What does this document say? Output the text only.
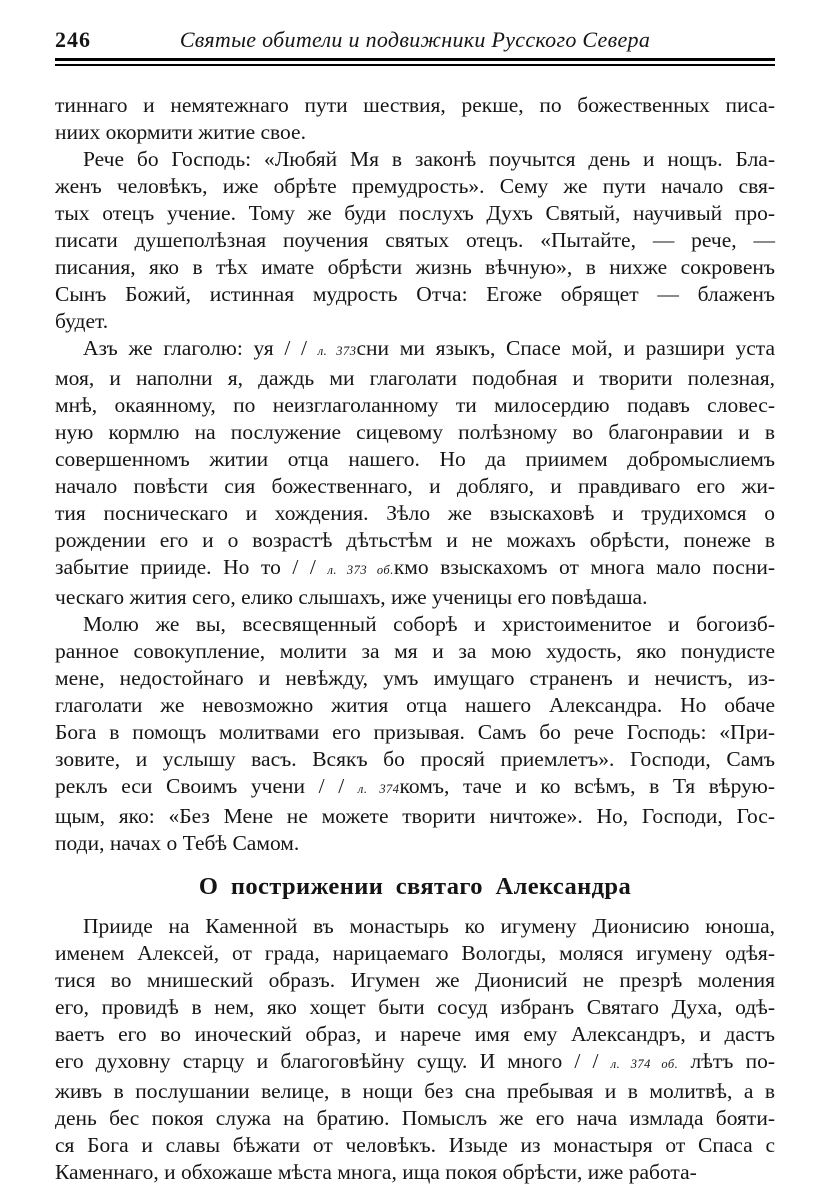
246	Святые обители и подвижники Русского Севера
тиннаго и немятежнаго пути шествия, рекше, по божественных писа-
ниих окормити житие свое.
Рече бо Господь: «Любяй Мя в законѣ поучытся день и нощъ. Бла-
женъ человѣкъ, иже обрѣте премудрость». Сему же пути начало свя-
тых отецъ учение. Тому же буди послухъ Духъ Святый, научивый про-
писати душеполѣзная поучения святых отецъ. «Пытайте, — рече, —
писания, яко в тѣх имате обрѣсти жизнь вѣчную», в нихже сокровенъ
Сынъ Божий, истинная мудрость Отча: Егоже обрящет — блаженъ
будет.
Азъ же глаголю: уя / / л. 373сни ми языкъ, Спасе мой, и разшири уста
моя, и наполни я, даждь ми глаголати подобная и творити полезная,
мнѣ, окаянному, по неизглаголанному ти милосердию подавъ словес-
ную кормлю на послужение сицевому полѣзному во благонравии и в
совершенномъ житии отца нашего. Но да приимем добромыслиемъ
начало повѣсти сия божественнаго, и добляго, и правдиваго его жи-
тия посническаго и хождения. Зѣло же взыскаховѣ и трудихомся о
рождении его и о возрастѣ дѣтьстѣм и не можахъ обрѣсти, понеже в
забытие прииде. Но то / / л. 373 об.кмо взыскахомъ от многа мало посни-
ческаго жития сего, елико слышахъ, иже ученицы его повѣдаша.
Молю же вы, всесвященный соборѣ и христоименитое и богоизб-
ранное совокупление, молити за мя и за мою худость, яко понудисте
мене, недостойнаго и невѣжду, умъ имущаго страненъ и нечистъ, из-
глаголати же невозможно жития отца нашего Александра. Но обаче
Бога в помощъ молитвами его призывая. Самъ бо рече Господь: «При-
зовите, и услышу васъ. Всякъ бо просяй приемлетъ». Господи, Самъ
реклъ еси Своимъ учени / / л. 374комъ, таче и ко всѣмъ, в Тя вѣрую-
щым, яко: «Без Мене не можете творити ничтоже». Но, Господи, Гос-
поди, начах о Тебѣ Самом.
О пострижении святаго Александра
Прииде на Каменной въ монастырь ко игумену Дионисию юноша,
именем Алексей, от града, нарицаемаго Вологды, моляся игумену одѣя-
тися во мнишеский образъ. Игумен же Дионисий не презрѣ моления
его, провидѣ в нем, яко хощет быти сосуд избранъ Святаго Духа, одѣ-
ваетъ его во иноческий образ, и нарече имя ему Александръ, и дастъ
его духовну старцу и благоговѣйну сущу. И много / / л. 374 об. лѣтъ по-
живъ в послушании велице, в нощи без сна пребывая и в молитвѣ, а в
день бес покоя служа на братию. Помыслъ же его нача измлада бояти-
ся Бога и славы бѣжати от человѣкъ. Изыде из монастыря от Спаса с
Каменнаго, и обхожаше мѣста многа, ища покоя обрѣсти, иже работа-
